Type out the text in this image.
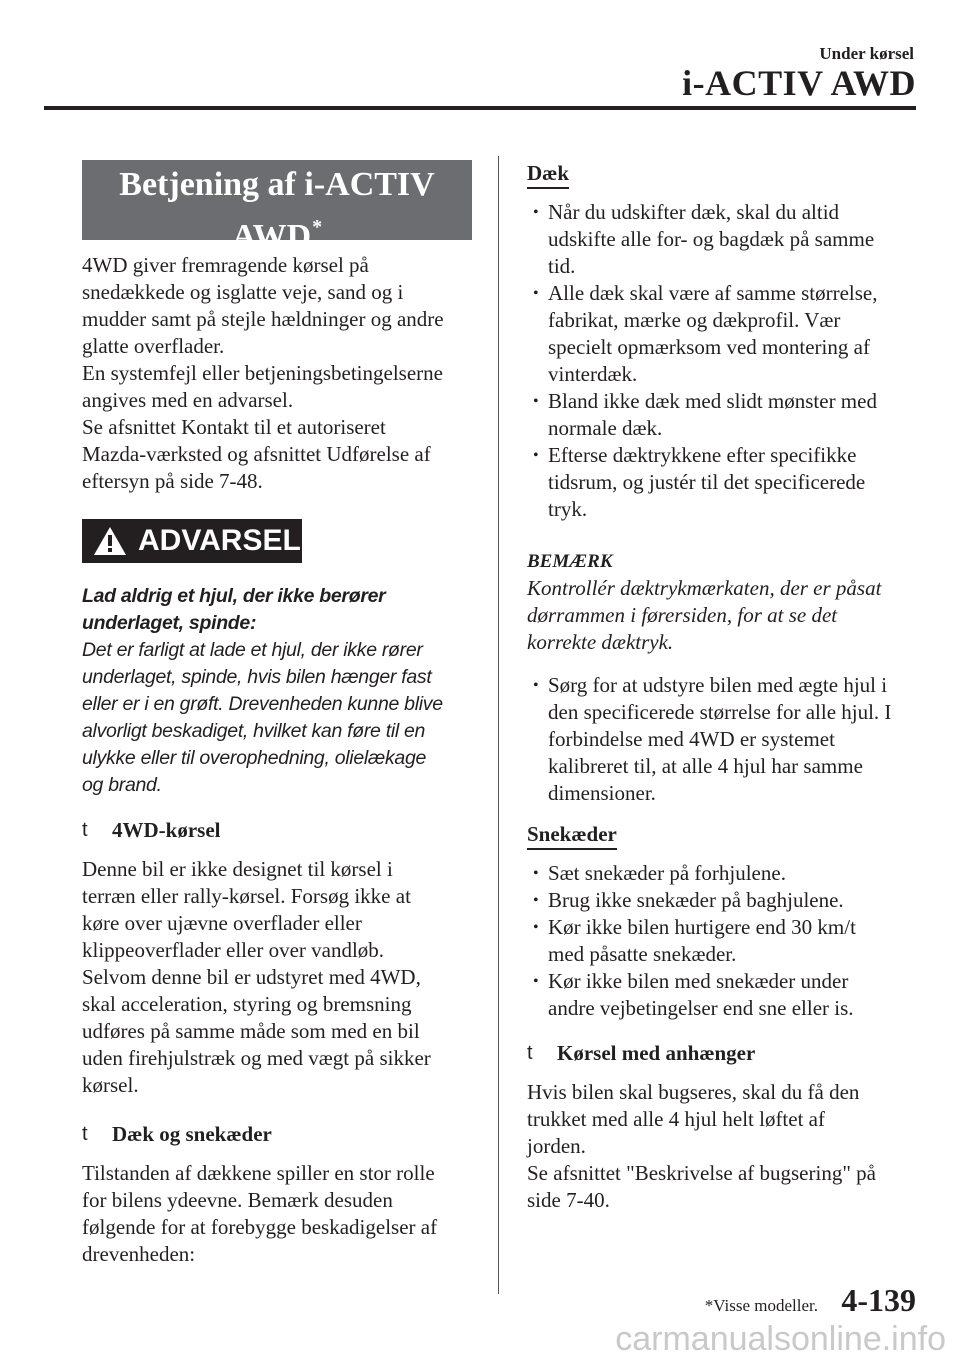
Under kørsel
i-ACTIV AWD
Betjening af i-ACTIV
AWD*

4WD giver fremragende kørsel på

snedækkede og isglatte veje, sand og i

mudder samt på stejle hældninger og andre

glatte overflader.

En systemfejl eller betjeningsbetingelserne

angives med en advarsel.

Se afsnittet Kontakt til et autoriseret

Mazda-værksted og afsnittet Udførelse af

eftersyn på side 7-48.

ADVARSEL
Lad aldrig et hjul, der ikke berører
underlaget, spinde:
Det er farligt at lade et hjul, der ikke rører
underlaget, spinde, hvis bilen hænger fast
eller er i en grøft. Drevenheden kunne blive
alvorligt beskadiget, hvilket kan føre til en
ulykke eller til overophedning, olielækage
og brand.
t 4WD-kørsel

Denne bil er ikke designet til kørsel i

terræn eller rally-kørsel. Forsøg ikke at

køre over ujævne overflader eller

klippeoverflader eller over vandløb.

Selvom denne bil er udstyret med 4WD,

skal acceleration, styring og bremsning

udføres på samme måde som med en bil

uden firehjulstræk og med vægt på sikker

kørsel.

t Dæk og snekæder

Tilstanden af dækkene spiller en stor rolle

for bilens ydeevne. Bemærk desuden

følgende for at forebygge beskadigelser af

drevenheden:

Dæk
• Når du udskifter dæk, skal du altid
udskifte alle for- og bagdæk på samme
tid.
• Alle dæk skal være af samme størrelse,
fabrikat, mærke og dækprofil. Vær
specielt opmærksom ved montering af
vinterdæk.
• Bland ikke dæk med slidt mønster med
normale dæk.
• Efterse dæktrykkene efter specifikke
tidsrum, og justér til det specificerede
tryk.
BEMÆRK
Kontrollér dæktrykmærkaten, der er påsat
dørrammen i førersiden, for at se det
korrekte dæktryk.
• Sørg for at udstyre bilen med ægte hjul i
den specificerede størrelse for alle hjul. I
forbindelse med 4WD er systemet
kalibreret til, at alle 4 hjul har samme
dimensioner.
Snekæder
• Sæt snekæder på forhjulene.
• Brug ikke snekæder på baghjulene.
• Kør ikke bilen hurtigere end 30 km/t
med påsatte snekæder.
• Kør ikke bilen med snekæder under
andre vejbetingelser end sne eller is.
t Kørsel med anhænger

Hvis bilen skal bugseres, skal du få den

trukket med alle 4 hjul helt løftet af

jorden.

Se afsnittet "Beskrivelse af bugsering" på

side 7-40.

*Visse modeller. 4-139
carmanualsonline.info
